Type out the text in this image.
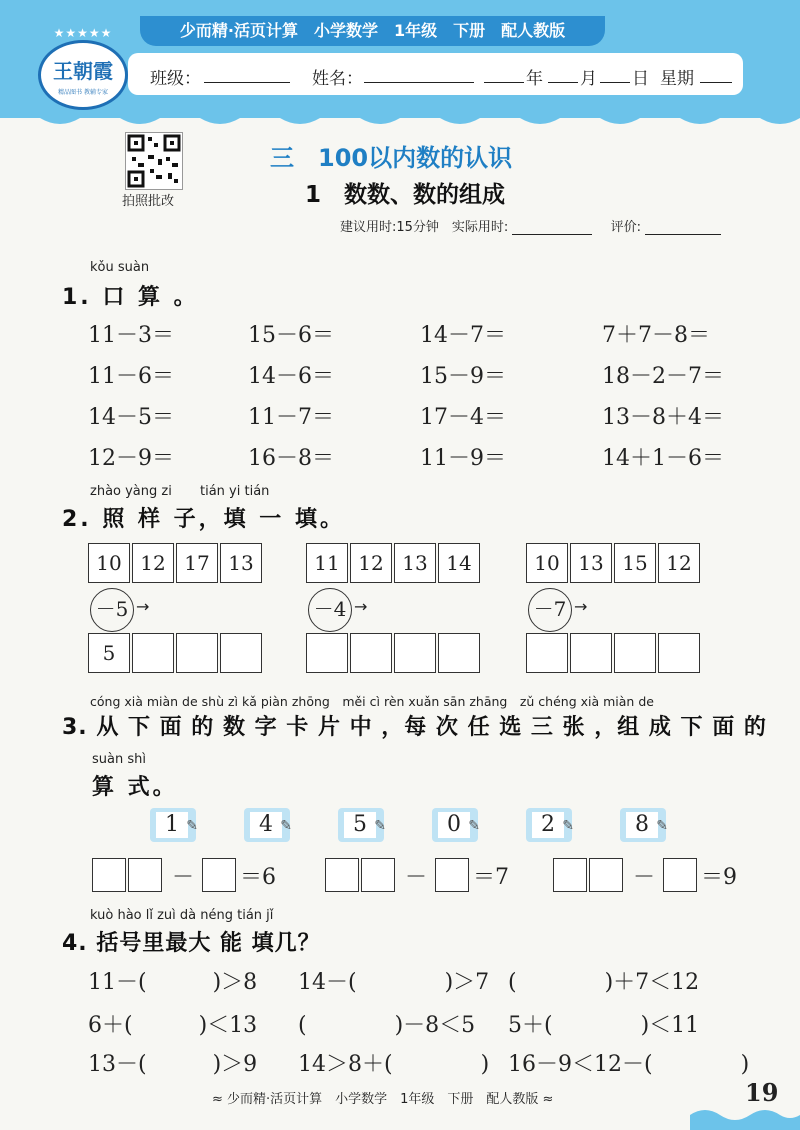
少而精·活页计算　小学数学　1年级　下册　配人教版
王朝霞
精品图书 教辅专家
★★★★★
班级：	姓名：	年 月 日 星期
拍照批改
三　100以内数的认识
1　数数、数的组成
建议用时:15分钟　实际用时:	评价:
kǒu suàn
1. 口 算 。
11－3＝	15－6＝	14－7＝	7＋7－8＝
11－6＝	14－6＝	15－9＝	18－2－7＝
14－5＝	11－7＝	17－4＝	13－8＋4＝
12－9＝	16－8＝	11－9＝	14＋1－6＝
zhào yàng zi tián yi tián
2. 照 样 子，填 一 填。
10 12 17 13
－5 →
5
11 12 13 14
－4 →
10 13 15 12
－7 →
cóng xià miàn de shù zì kǎ piàn zhōng　měi cì rèn xuǎn sān zhāng　zǔ chéng xià miàn de
3. 从 下 面 的 数 字 卡 片 中 ，每 次 任 选 三 张 ，组 成 下 面 的
suàn shì
算 式。
1 ✎	4 ✎	5 ✎	0 ✎	2 ✎	8 ✎
－ ＝6	－ ＝7	－ ＝9
kuò hào lǐ zuì dà néng tián jǐ
4. 括号里最大 能 填几？
11－(　　　)＞8 14－(　　　　)＞7 (　　　　)＋7＜12
6＋(　　　)＜13 (　　　　)－8＜5 5＋(　　　　)＜11
13－(　　　)＞9 14＞8＋(　　　　) 16－9＜12－(　　　　)
≈ 少而精·活页计算　小学数学　1年级　下册　配人教版 ≈	19
